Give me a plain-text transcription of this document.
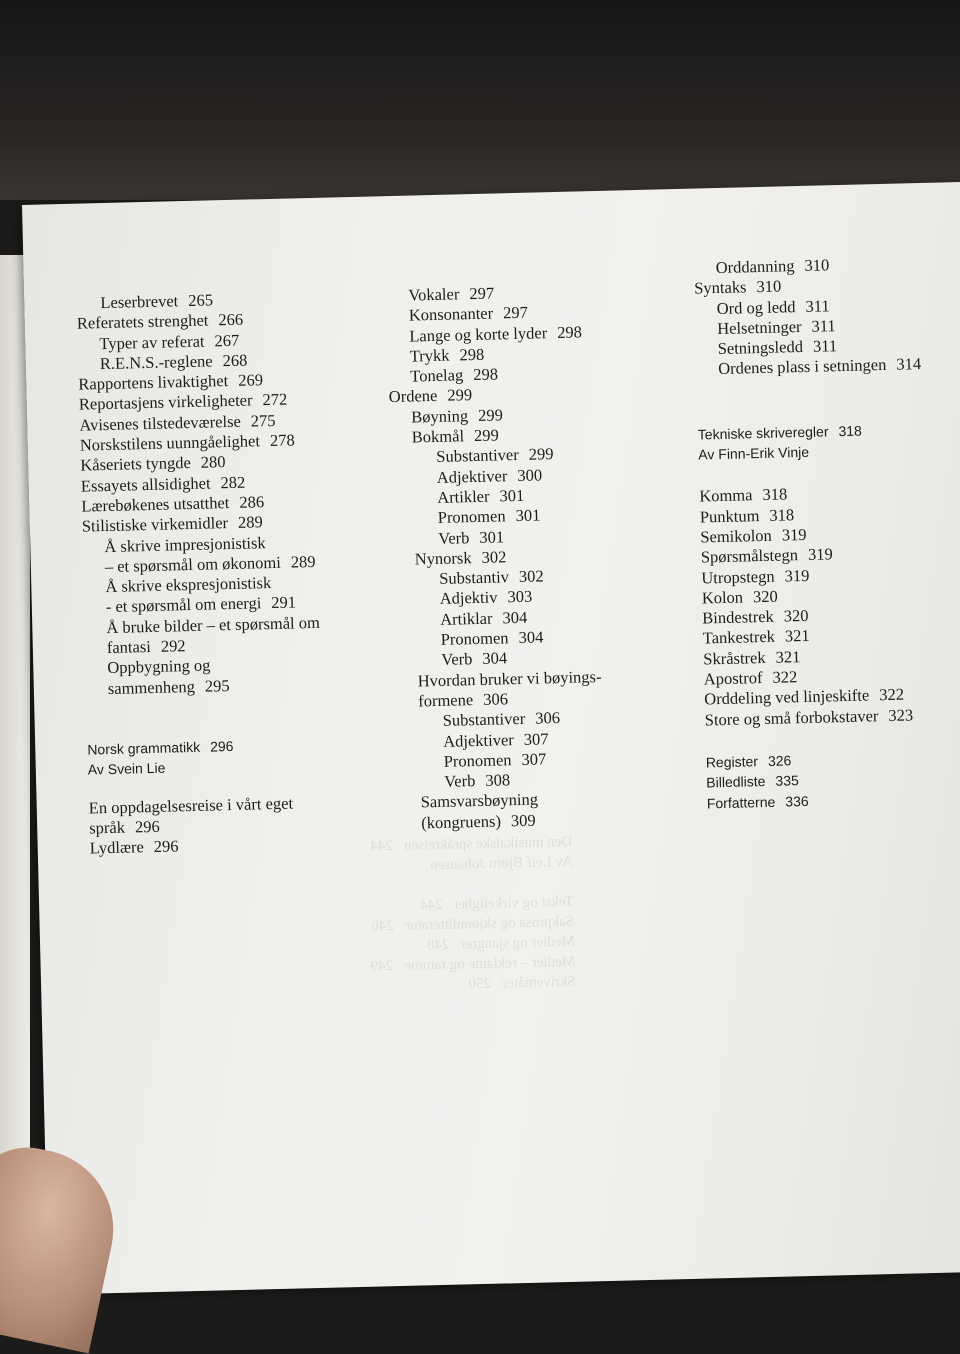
Den musikalske språkreisen   244
Av Leif Bjørn Johansen

Tekst og virkelighet   244
Sakprosa og skjønnlitteratur   246
Medier og sjangrer   248
Medier – reklame og ramme   249
Skrivemåter   250
Leserbrevet 265
Referatets strenghet 266
Typer av referat 267
R.E.N.S.-reglene 268
Rapportens livaktighet 269
Reportasjens virkeligheter 272
Avisenes tilstedeværelse 275
Norskstilens uunngåelighet 278
Kåseriets tyngde 280
Essayets allsidighet 282
Lærebøkenes utsatthet 286
Stilistiske virkemidler 289
Å skrive impresjonistisk
– et spørsmål om økonomi 289
Å skrive ekspresjonistisk
- et spørsmål om energi 291
Å bruke bilder – et spørsmål om
fantasi 292
Oppbygning og
sammenheng 295
Norsk grammatikk 296
Av Svein Lie
En oppdagelsesreise i vårt eget
språk 296
Lydlære 296
Vokaler 297
Konsonanter 297
Lange og korte lyder 298
Trykk 298
Tonelag 298
Ordene 299
Bøyning 299
Bokmål 299
Substantiver 299
Adjektiver 300
Artikler 301
Pronomen 301
Verb 301
Nynorsk 302
Substantiv 302
Adjektiv 303
Artiklar 304
Pronomen 304
Verb 304
Hvordan bruker vi bøyings-
formene 306
Substantiver 306
Adjektiver 307
Pronomen 307
Verb 308
Samsvarsbøyning
(kongruens) 309
Orddanning 310
Syntaks 310
Ord og ledd 311
Helsetninger 311
Setningsledd 311
Ordenes plass i setningen 314
Tekniske skriveregler 318
Av Finn-Erik Vinje
Komma 318
Punktum 318
Semikolon 319
Spørsmålstegn 319
Utropstegn 319
Kolon 320
Bindestrek 320
Tankestrek 321
Skråstrek 321
Apostrof 322
Orddeling ved linjeskifte 322
Store og små forbokstaver 323
Register 326
Billedliste 335
Forfatterne 336
